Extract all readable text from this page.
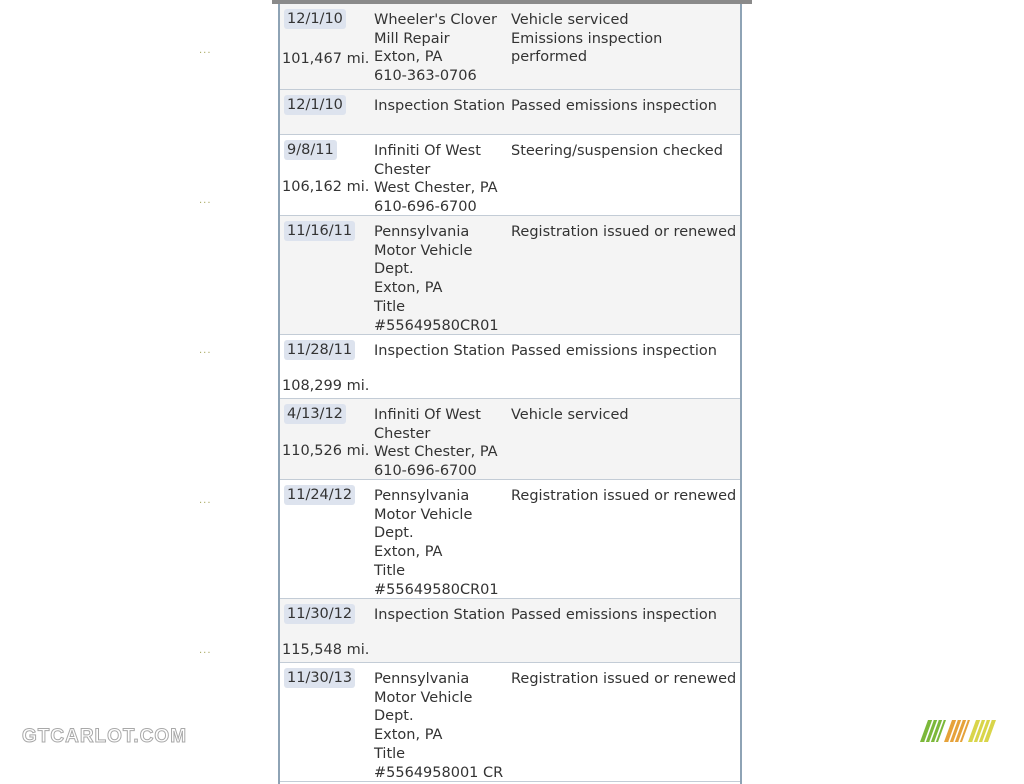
12/1/10
101,467 mi.
Wheeler's Clover
Mill Repair
Exton, PA
610-363-0706
Vehicle serviced
Emissions inspection
performed
12/1/10 Inspection Station Passed emissions inspection
9/8/11
106,162 mi.
Infiniti Of West
Chester
West Chester, PA
610-696-6700
Steering/suspension checked
11/16/11 Pennsylvania
Motor Vehicle
Dept.
Exton, PA
Title
#55649580CR01
Registration issued or renewed
11/28/11
108,299 mi.
Inspection Station Passed emissions inspection
4/13/12
110,526 mi.
Infiniti Of West
Chester
West Chester, PA
610-696-6700
Vehicle serviced
11/24/12 Pennsylvania
Motor Vehicle
Dept.
Exton, PA
Title
#55649580CR01
Registration issued or renewed
11/30/12
115,548 mi.
Inspection Station Passed emissions inspection
11/30/13 Pennsylvania
Motor Vehicle
Dept.
Exton, PA
Title
#5564958001 CR
Registration issued or renewed
...
...
...
...
...
GTCARLOT.COM
